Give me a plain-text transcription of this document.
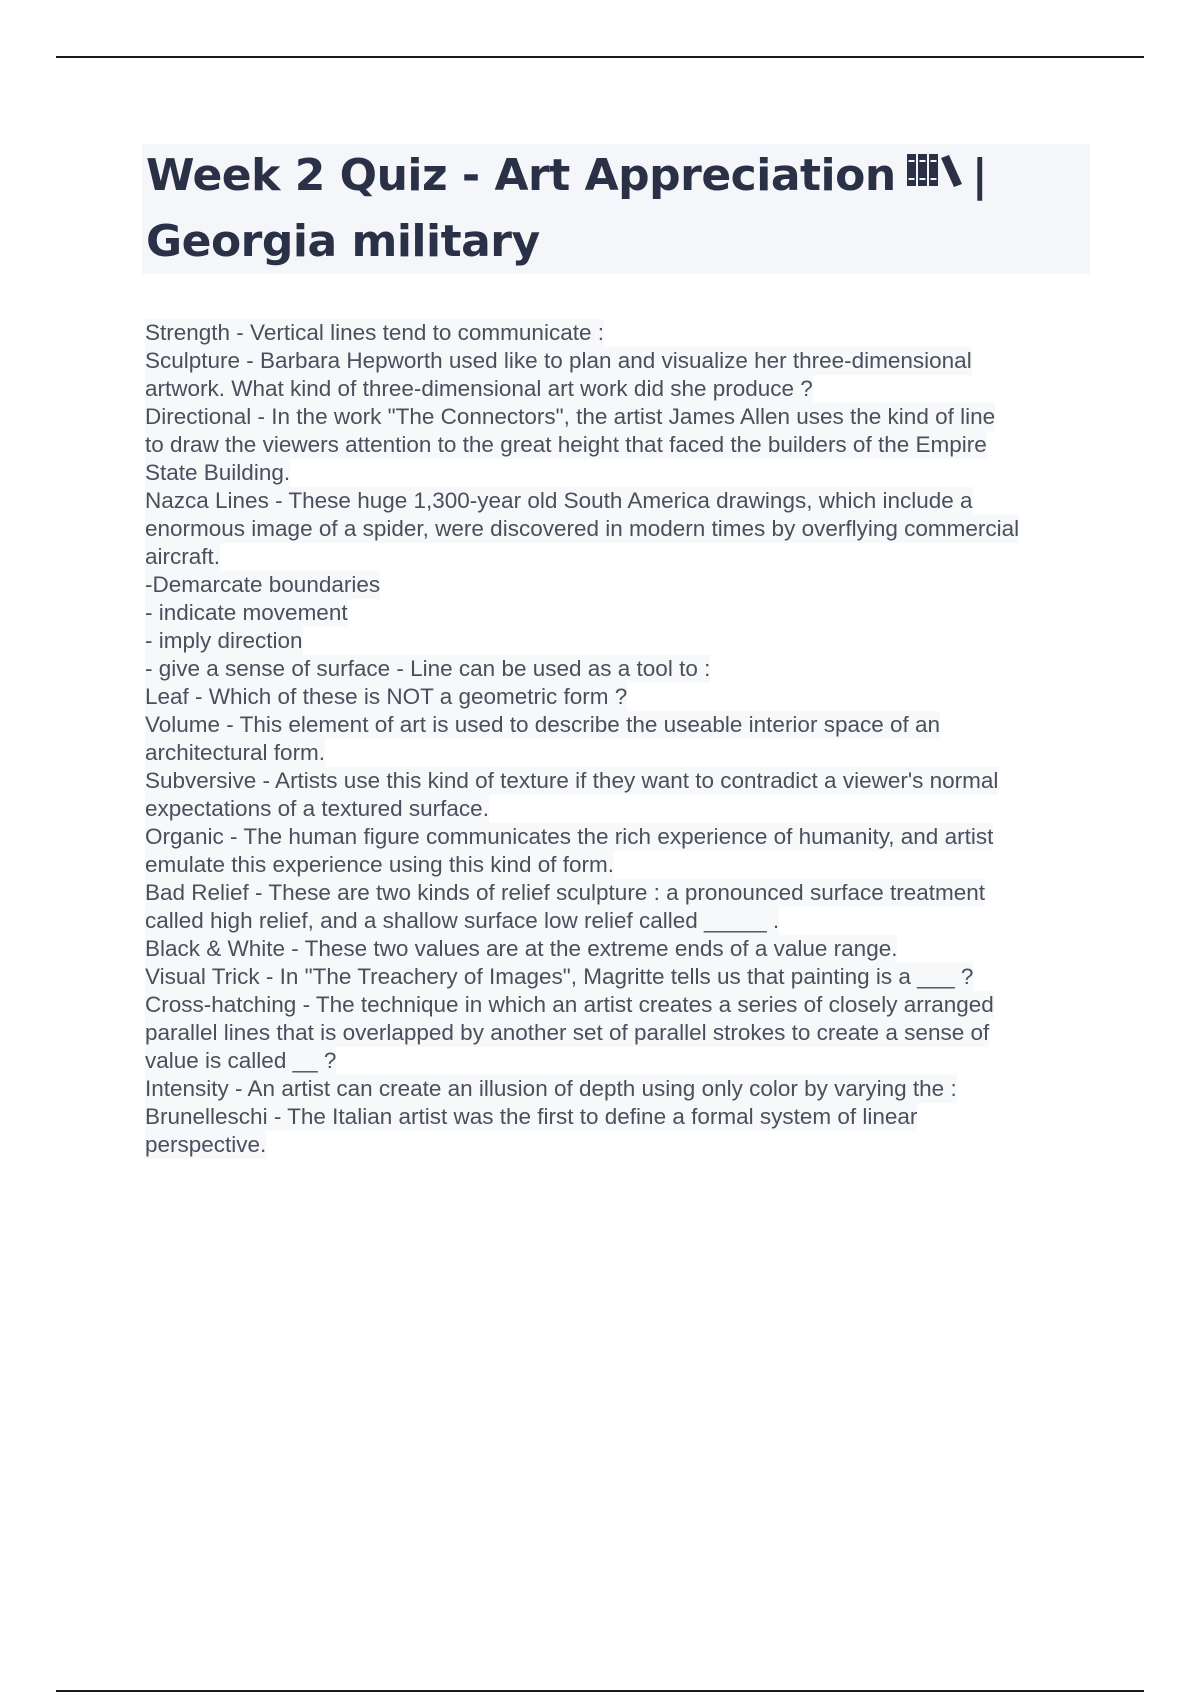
Week 2 Quiz - Art Appreciation |
Georgia military
Strength - Vertical lines tend to communicate :
Sculpture - Barbara Hepworth used like to plan and visualize her three-dimensional
artwork. What kind of three-dimensional art work did she produce ?
Directional - In the work "The Connectors", the artist James Allen uses the kind of line
to draw the viewers attention to the great height that faced the builders of the Empire
State Building.
Nazca Lines - These huge 1,300-year old South America drawings, which include a
enormous image of a spider, were discovered in modern times by overflying commercial
aircraft.
-Demarcate boundaries
- indicate movement
- imply direction
- give a sense of surface - Line can be used as a tool to :
Leaf - Which of these is NOT a geometric form ?
Volume - This element of art is used to describe the useable interior space of an
architectural form.
Subversive - Artists use this kind of texture if they want to contradict a viewer's normal
expectations of a textured surface.
Organic - The human figure communicates the rich experience of humanity, and artist
emulate this experience using this kind of form.
Bad Relief - These are two kinds of relief sculpture : a pronounced surface treatment
called high relief, and a shallow surface low relief called _____ .
Black & White - These two values are at the extreme ends of a value range.
Visual Trick - In "The Treachery of Images", Magritte tells us that painting is a ___ ?
Cross-hatching - The technique in which an artist creates a series of closely arranged
parallel lines that is overlapped by another set of parallel strokes to create a sense of
value is called __ ?
Intensity - An artist can create an illusion of depth using only color by varying the :
Brunelleschi - The Italian artist was the first to define a formal system of linear
perspective.
